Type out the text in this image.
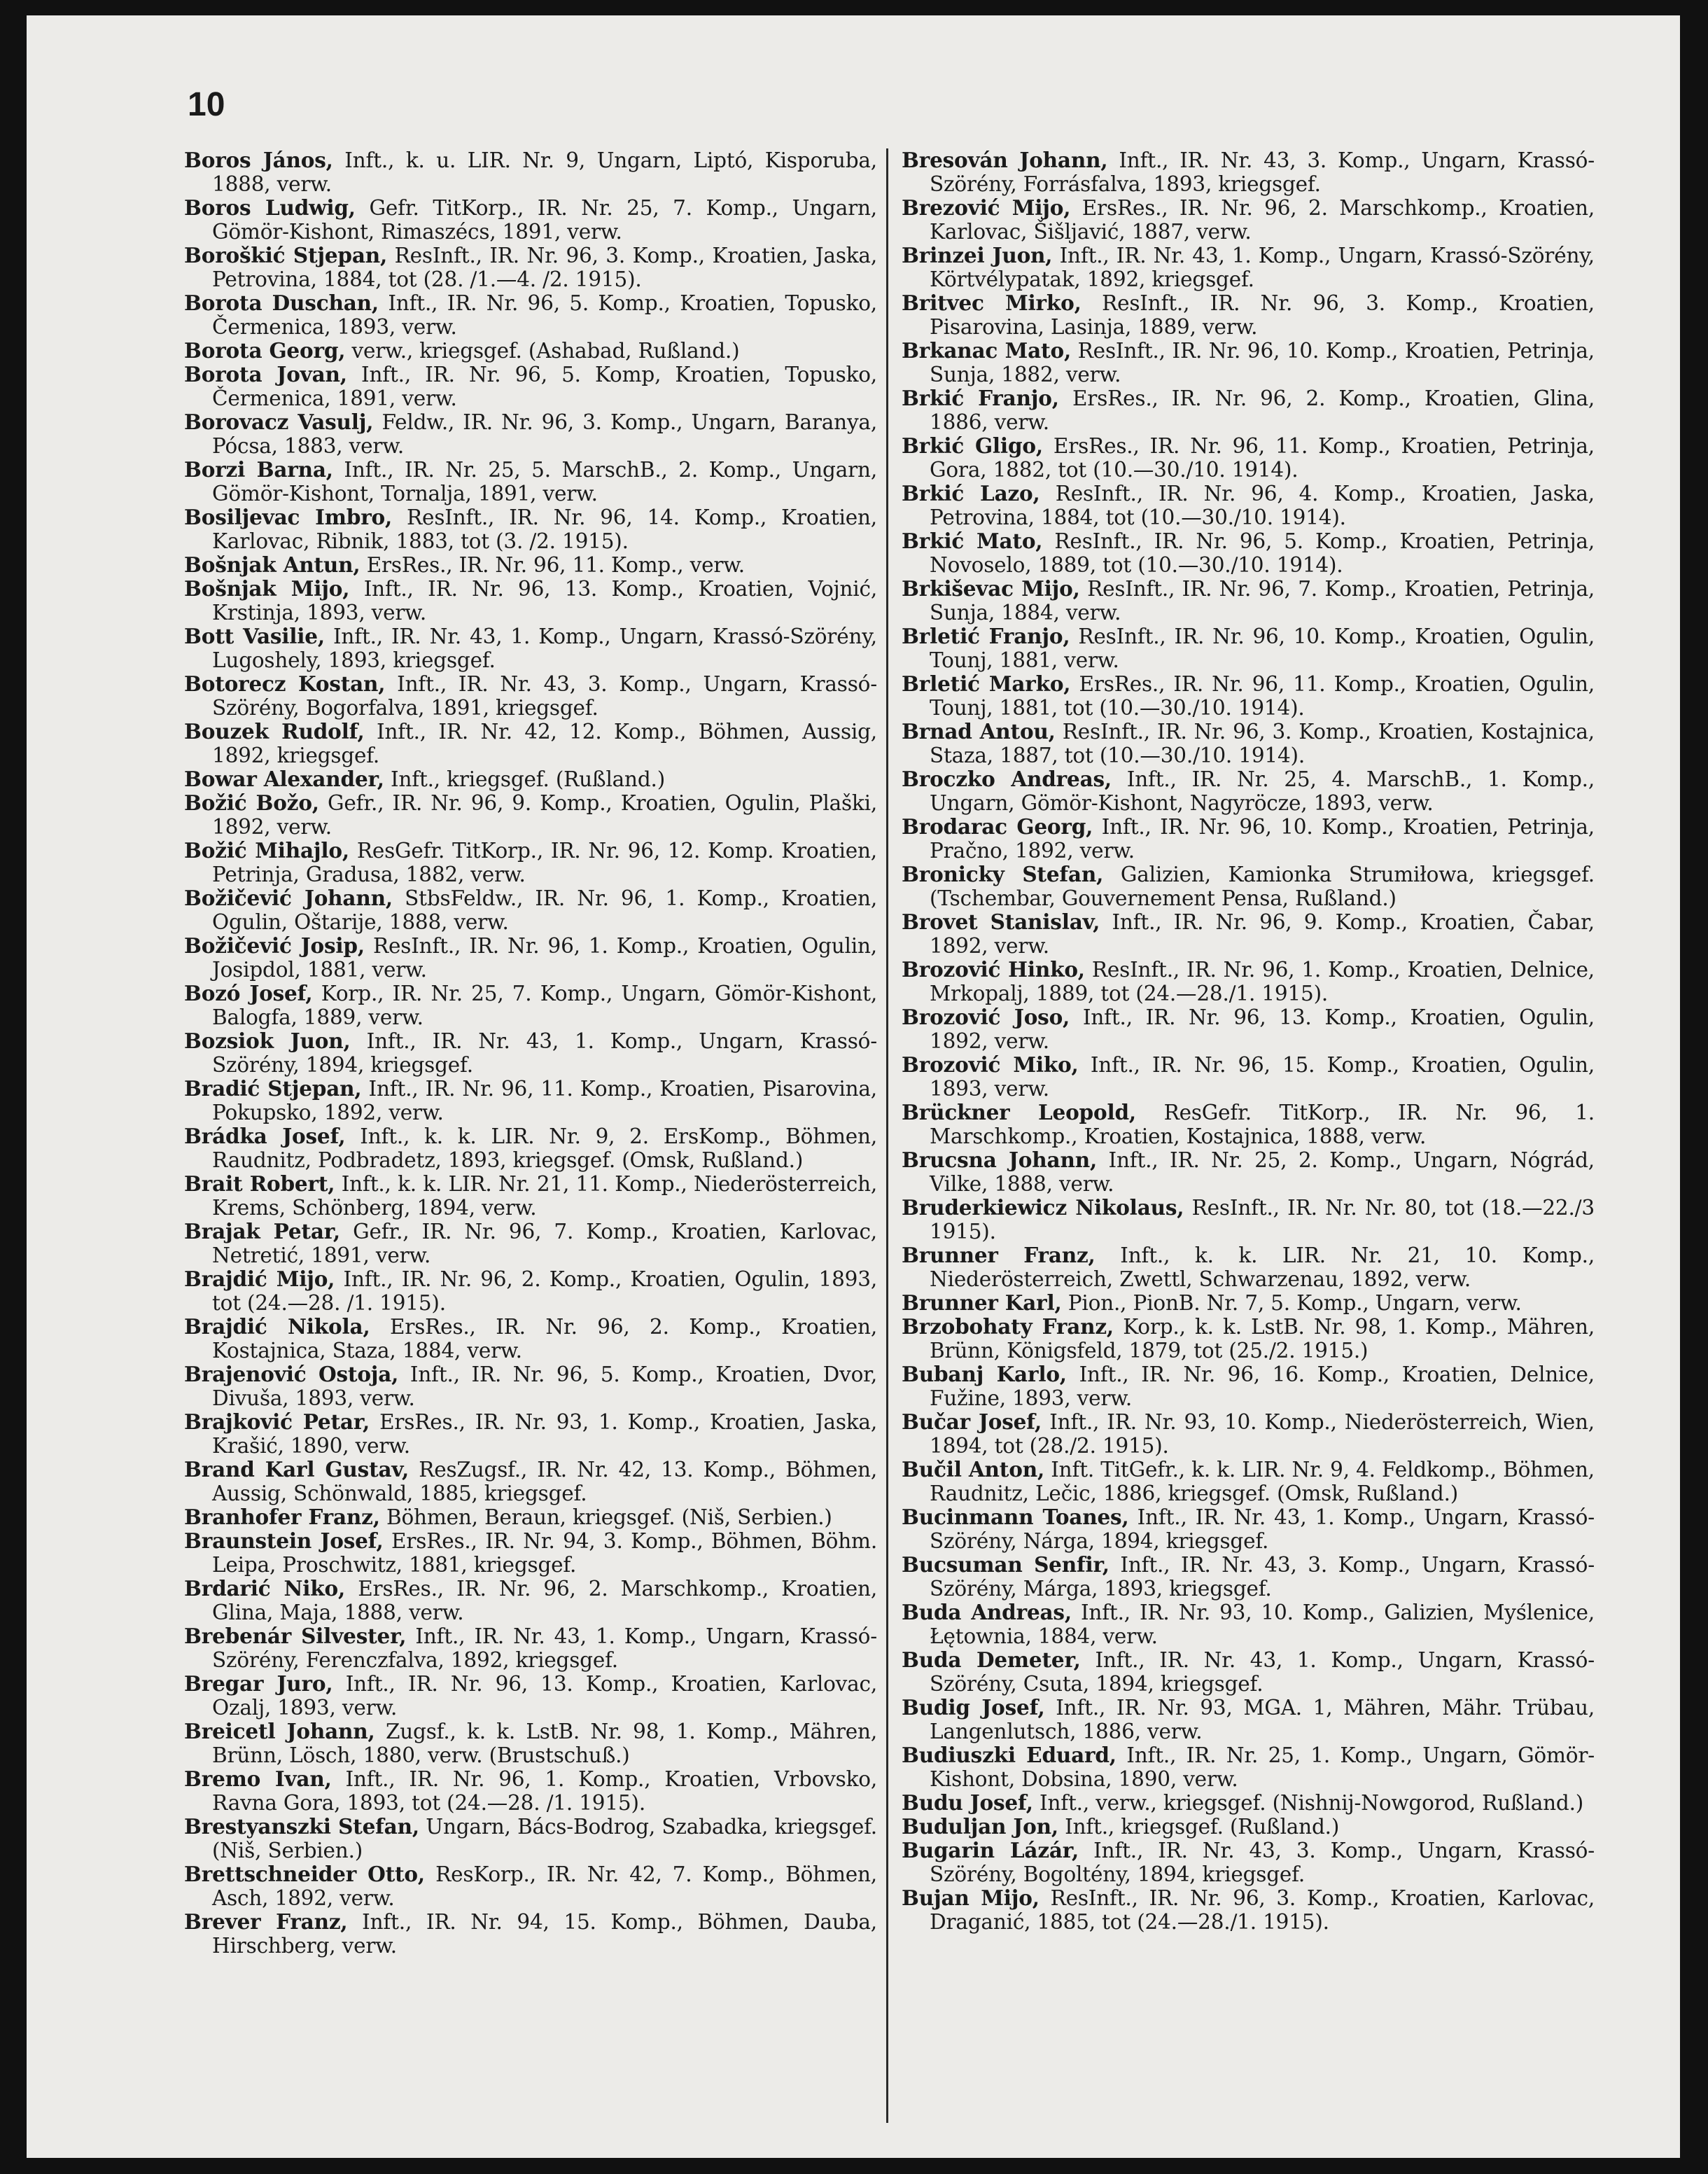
10

Boros János, Inft., k. u. LIR. Nr. 9, Ungarn, Liptó, Kisporuba, 1888, verw.

Boros Ludwig, Gefr. TitKorp., IR. Nr. 25, 7. Komp., Ungarn, Gömör-Kishont, Rimaszécs, 1891, verw.

Boroškić Stjepan, ResInft., IR. Nr. 96, 3. Komp., Kroatien, Jaska, Petrovina, 1884, tot (28. /1.—4. /2. 1915).

Borota Duschan, Inft., IR. Nr. 96, 5. Komp., Kroatien, Topusko, Čermenica, 1893, verw.

Borota Georg, verw., kriegsgef. (Ashabad, Rußland.)

Borota Jovan, Inft., IR. Nr. 96, 5. Komp, Kroatien, Topusko, Čermenica, 1891, verw.

Borovacz Vasulj, Feldw., IR. Nr. 96, 3. Komp., Ungarn, Baranya, Pócsa, 1883, verw.

Borzi Barna, Inft., IR. Nr. 25, 5. MarschB., 2. Komp., Ungarn, Gömör-Kishont, Tornalja, 1891, verw.

Bosiljevac Imbro, ResInft., IR. Nr. 96, 14. Komp., Kroatien, Karlovac, Ribnik, 1883, tot (3. /2. 1915).

Bošnjak Antun, ErsRes., IR. Nr. 96, 11. Komp., verw.

Bošnjak Mijo, Inft., IR. Nr. 96, 13. Komp., Kroatien, Vojnić, Krstinja, 1893, verw.

Bott Vasilie, Inft., IR. Nr. 43, 1. Komp., Ungarn, Krassó-Szörény, Lugoshely, 1893, kriegsgef.

Botorecz Kostan, Inft., IR. Nr. 43, 3. Komp., Ungarn, Krassó-Szörény, Bogorfalva, 1891, kriegsgef.

Bouzek Rudolf, Inft., IR. Nr. 42, 12. Komp., Böhmen, Aussig, 1892, kriegsgef.

Bowar Alexander, Inft., kriegsgef. (Rußland.)

Božić Božo, Gefr., IR. Nr. 96, 9. Komp., Kroatien, Ogulin, Plaški, 1892, verw.

Božić Mihajlo, ResGefr. TitKorp., IR. Nr. 96, 12. Komp. Kroatien, Petrinja, Gradusa, 1882, verw.

Božičević Johann, StbsFeldw., IR. Nr. 96, 1. Komp., Kroatien, Ogulin, Oštarije, 1888, verw.

Božičević Josip, ResInft., IR. Nr. 96, 1. Komp., Kroatien, Ogulin, Josipdol, 1881, verw.

Bozó Josef, Korp., IR. Nr. 25, 7. Komp., Ungarn, Gömör-Kishont, Balogfa, 1889, verw.

Bozsiok Juon, Inft., IR. Nr. 43, 1. Komp., Ungarn, Krassó-Szörény, 1894, kriegsgef.

Bradić Stjepan, Inft., IR. Nr. 96, 11. Komp., Kroatien, Pisarovina, Pokupsko, 1892, verw.

Brádka Josef, Inft., k. k. LIR. Nr. 9, 2. ErsKomp., Böhmen, Raudnitz, Podbradetz, 1893, kriegsgef. (Omsk, Rußland.)

Brait Robert, Inft., k. k. LIR. Nr. 21, 11. Komp., Niederösterreich, Krems, Schönberg, 1894, verw.

Brajak Petar, Gefr., IR. Nr. 96, 7. Komp., Kroatien, Karlovac, Netretić, 1891, verw.

Brajdić Mijo, Inft., IR. Nr. 96, 2. Komp., Kroatien, Ogulin, 1893, tot (24.—28. /1. 1915).

Brajdić Nikola, ErsRes., IR. Nr. 96, 2. Komp., Kroatien, Kostajnica, Staza, 1884, verw.

Brajenović Ostoja, Inft., IR. Nr. 96, 5. Komp., Kroatien, Dvor, Divuša, 1893, verw.

Brajković Petar, ErsRes., IR. Nr. 93, 1. Komp., Kroatien, Jaska, Krašić, 1890, verw.

Brand Karl Gustav, ResZugsf., IR. Nr. 42, 13. Komp., Böhmen, Aussig, Schönwald, 1885, kriegsgef.

Branhofer Franz, Böhmen, Beraun, kriegsgef. (Niš, Serbien.)

Braunstein Josef, ErsRes., IR. Nr. 94, 3. Komp., Böhmen, Böhm. Leipa, Proschwitz, 1881, kriegsgef.

Brdarić Niko, ErsRes., IR. Nr. 96, 2. Marschkomp., Kroatien, Glina, Maja, 1888, verw.

Brebenár Silvester, Inft., IR. Nr. 43, 1. Komp., Ungarn, Krassó-Szörény, Ferenczfalva, 1892, kriegsgef.

Bregar Juro, Inft., IR. Nr. 96, 13. Komp., Kroatien, Karlovac, Ozalj, 1893, verw.

Breicetl Johann, Zugsf., k. k. LstB. Nr. 98, 1. Komp., Mähren, Brünn, Lösch, 1880, verw. (Brustschuß.)

Bremo Ivan, Inft., IR. Nr. 96, 1. Komp., Kroatien, Vrbovsko, Ravna Gora, 1893, tot (24.—28. /1. 1915).

Brestyanszki Stefan, Ungarn, Bács-Bodrog, Szabadka, kriegsgef. (Niš, Serbien.)

Brettschneider Otto, ResKorp., IR. Nr. 42, 7. Komp., Böhmen, Asch, 1892, verw.

Brever Franz, Inft., IR. Nr. 94, 15. Komp., Böhmen, Dauba, Hirschberg, verw.

Bresován Johann, Inft., IR. Nr. 43, 3. Komp., Ungarn, Krassó-Szörény, Forrásfalva, 1893, kriegsgef.

Brezović Mijo, ErsRes., IR. Nr. 96, 2. Marschkomp., Kroatien, Karlovac, Šišljavić, 1887, verw.

Brinzei Juon, Inft., IR. Nr. 43, 1. Komp., Ungarn, Krassó-Szörény, Körtvélypatak, 1892, kriegsgef.

Britvec Mirko, ResInft., IR. Nr. 96, 3. Komp., Kroatien, Pisarovina, Lasinja, 1889, verw.

Brkanac Mato, ResInft., IR. Nr. 96, 10. Komp., Kroatien, Petrinja, Sunja, 1882, verw.

Brkić Franjo, ErsRes., IR. Nr. 96, 2. Komp., Kroatien, Glina, 1886, verw.

Brkić Gligo, ErsRes., IR. Nr. 96, 11. Komp., Kroatien, Petrinja, Gora, 1882, tot (10.—30./10. 1914).

Brkić Lazo, ResInft., IR. Nr. 96, 4. Komp., Kroatien, Jaska, Petrovina, 1884, tot (10.—30./10. 1914).

Brkić Mato, ResInft., IR. Nr. 96, 5. Komp., Kroatien, Petrinja, Novoselo, 1889, tot (10.—30./10. 1914).

Brkiševac Mijo, ResInft., IR. Nr. 96, 7. Komp., Kroatien, Petrinja, Sunja, 1884, verw.

Brletić Franjo, ResInft., IR. Nr. 96, 10. Komp., Kroatien, Ogulin, Tounj, 1881, verw.

Brletić Marko, ErsRes., IR. Nr. 96, 11. Komp., Kroatien, Ogulin, Tounj, 1881, tot (10.—30./10. 1914).

Brnad Antou, ResInft., IR. Nr. 96, 3. Komp., Kroatien, Kostajnica, Staza, 1887, tot (10.—30./10. 1914).

Broczko Andreas, Inft., IR. Nr. 25, 4. MarschB., 1. Komp., Ungarn, Gömör-Kishont, Nagyröcze, 1893, verw.

Brodarac Georg, Inft., IR. Nr. 96, 10. Komp., Kroatien, Petrinja, Pračno, 1892, verw.

Bronicky Stefan, Galizien, Kamionka Strumiłowa, kriegsgef. (Tschembar, Gouvernement Pensa, Rußland.)

Brovet Stanislav, Inft., IR. Nr. 96, 9. Komp., Kroatien, Čabar, 1892, verw.

Brozović Hinko, ResInft., IR. Nr. 96, 1. Komp., Kroatien, Delnice, Mrkopalj, 1889, tot (24.—28./1. 1915).

Brozović Joso, Inft., IR. Nr. 96, 13. Komp., Kroatien, Ogulin, 1892, verw.

Brozović Miko, Inft., IR. Nr. 96, 15. Komp., Kroatien, Ogulin, 1893, verw.

Brückner Leopold, ResGefr. TitKorp., IR. Nr. 96, 1. Marschkomp., Kroatien, Kostajnica, 1888, verw.

Brucsna Johann, Inft., IR. Nr. 25, 2. Komp., Ungarn, Nógrád, Vilke, 1888, verw.

Bruderkiewicz Nikolaus, ResInft., IR. Nr. Nr. 80, tot (18.—22./3 1915).

Brunner Franz, Inft., k. k. LIR. Nr. 21, 10. Komp., Niederösterreich, Zwettl, Schwarzenau, 1892, verw.

Brunner Karl, Pion., PionB. Nr. 7, 5. Komp., Ungarn, verw.

Brzobohaty Franz, Korp., k. k. LstB. Nr. 98, 1. Komp., Mähren, Brünn, Königsfeld, 1879, tot (25./2. 1915.)

Bubanj Karlo, Inft., IR. Nr. 96, 16. Komp., Kroatien, Delnice, Fužine, 1893, verw.

Bučar Josef, Inft., IR. Nr. 93, 10. Komp., Niederösterreich, Wien, 1894, tot (28./2. 1915).

Bučil Anton, Inft. TitGefr., k. k. LIR. Nr. 9, 4. Feldkomp., Böhmen, Raudnitz, Lečic, 1886, kriegsgef. (Omsk, Rußland.)

Bucinmann Toanes, Inft., IR. Nr. 43, 1. Komp., Ungarn, Krassó-Szörény, Nárga, 1894, kriegsgef.

Bucsuman Senfir, Inft., IR. Nr. 43, 3. Komp., Ungarn, Krassó-Szörény, Márga, 1893, kriegsgef.

Buda Andreas, Inft., IR. Nr. 93, 10. Komp., Galizien, Myślenice, Łętownia, 1884, verw.

Buda Demeter, Inft., IR. Nr. 43, 1. Komp., Ungarn, Krassó-Szörény, Csuta, 1894, kriegsgef.

Budig Josef, Inft., IR. Nr. 93, MGA. 1, Mähren, Mähr. Trübau, Langenlutsch, 1886, verw.

Budiuszki Eduard, Inft., IR. Nr. 25, 1. Komp., Ungarn, Gömör-Kishont, Dobsina, 1890, verw.

Budu Josef, Inft., verw., kriegsgef. (Nishnij-Nowgorod, Rußland.)

Buduljan Jon, Inft., kriegsgef. (Rußland.)

Bugarin Lázár, Inft., IR. Nr. 43, 3. Komp., Ungarn, Krassó-Szörény, Bogoltény, 1894, kriegsgef.

Bujan Mijo, ResInft., IR. Nr. 96, 3. Komp., Kroatien, Karlovac, Draganić, 1885, tot (24.—28./1. 1915).
